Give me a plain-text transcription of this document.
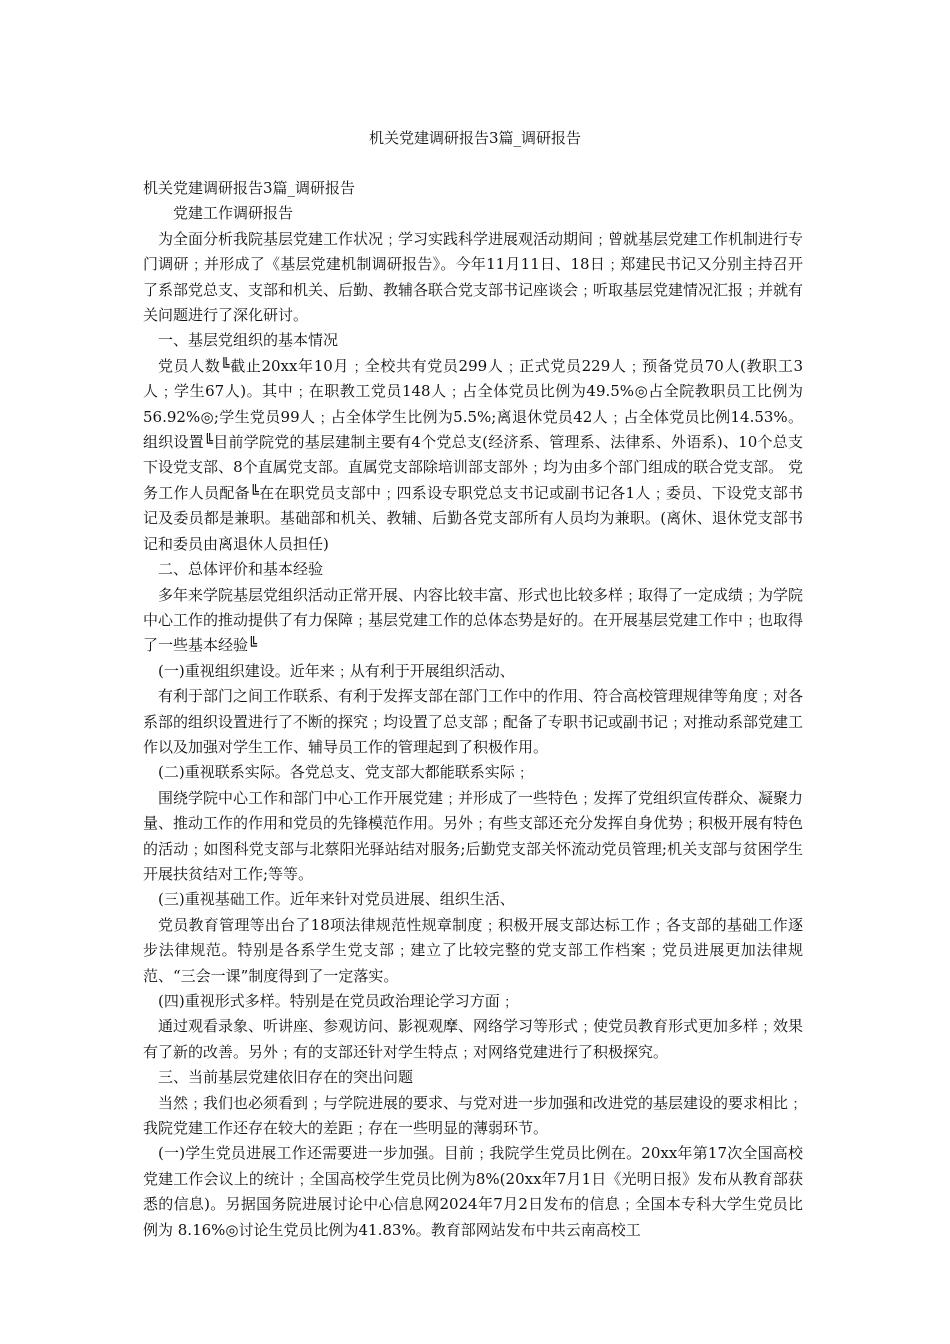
机关党建调研报告3篇_调研报告

机关党建调研报告3篇_调研报告

党建工作调研报告

为全面分析我院基层党建工作状况﹔学习实践科学进展观活动期间﹔曾就基层党建工作机制进行专门调研﹔并形成了《基层党建机制调研报告》。今年11月11日、18日﹔郑建民书记又分别主持召开了系部党总支、支部和机关、后勤、教辅各联合党支部书记座谈会﹔听取基层党建情况汇报﹔并就有关问题进行了深化研讨。

一、基层党组织的基本情况

党员人数╚截止20xx年10月﹔全校共有党员299人﹔正式党员229人﹔预备党员70人(教职工3人﹔学生67人)。其中﹔在职教工党员148人﹔占全体党员比例为49.5%◎占全院教职员工比例为56.92%◎;学生党员99人﹔占全体学生比例为5.5%;离退休党员42人﹔占全体党员比例14.53%。 组织设置╚目前学院党的基层建制主要有4个党总支(经济系、管理系、法律系、外语系)、10个总支下设党支部、8个直属党支部。直属党支部除培训部支部外﹔均为由多个部门组成的联合党支部。 党务工作人员配备╚在在职党员支部中﹔四系设专职党总支书记或副书记各1人﹔委员、下设党支部书记及委员都是兼职。基础部和机关、教辅、后勤各党支部所有人员均为兼职。(离休、退休党支部书记和委员由离退休人员担任)

二、总体评价和基本经验

多年来学院基层党组织活动正常开展、内容比较丰富、形式也比较多样﹔取得了一定成绩﹔为学院中心工作的推动提供了有力保障﹔基层党建工作的总体态势是好的。在开展基层党建工作中﹔也取得了一些基本经验╚

(一)重视组织建设。近年来﹔从有利于开展组织活动、

有利于部门之间工作联系、有利于发挥支部在部门工作中的作用、符合高校管理规律等角度﹔对各系部的组织设置进行了不断的探究﹔均设置了总支部﹔配备了专职书记或副书记﹔对推动系部党建工作以及加强对学生工作、辅导员工作的管理起到了积极作用。

(二)重视联系实际。各党总支、党支部大都能联系实际﹔

围绕学院中心工作和部门中心工作开展党建﹔并形成了一些特色﹔发挥了党组织宣传群众、凝聚力量、推动工作的作用和党员的先锋模范作用。另外﹔有些支部还充分发挥自身优势﹔积极开展有特色的活动﹔如图科党支部与北蔡阳光驿站结对服务;后勤党支部关怀流动党员管理;机关支部与贫困学生开展扶贫结对工作;等等。

(三)重视基础工作。近年来针对党员进展、组织生活、

党员教育管理等出台了18项法律规范性规章制度﹔积极开展支部达标工作﹔各支部的基础工作逐步法律规范。特别是各系学生党支部﹔建立了比较完整的党支部工作档案﹔党员进展更加法律规范、“三会一课”制度得到了一定落实。

(四)重视形式多样。特别是在党员政治理论学习方面﹔

通过观看录象、听讲座、参观访问、影视观摩、网络学习等形式﹔使党员教育形式更加多样﹔效果有了新的改善。另外﹔有的支部还针对学生特点﹔对网络党建进行了积极探究。

三、当前基层党建依旧存在的突出问题

当然﹔我们也必须看到﹔与学院进展的要求、与党对进一步加强和改进党的基层建设的要求相比﹔我院党建工作还存在较大的差距﹔存在一些明显的薄弱环节。

(一)学生党员进展工作还需要进一步加强。目前﹔我院学生党员比例在。20xx年第17次全国高校党建工作会议上的统计﹔全国高校学生党员比例为8%(20xx年7月1日《光明日报》发布从教育部获悉的信息)。另据国务院进展讨论中心信息网2024年7月2日发布的信息﹔全国本专科大学生党员比例为 8.16%◎讨论生党员比例为41.83%。教育部网站发布中共云南高校工
